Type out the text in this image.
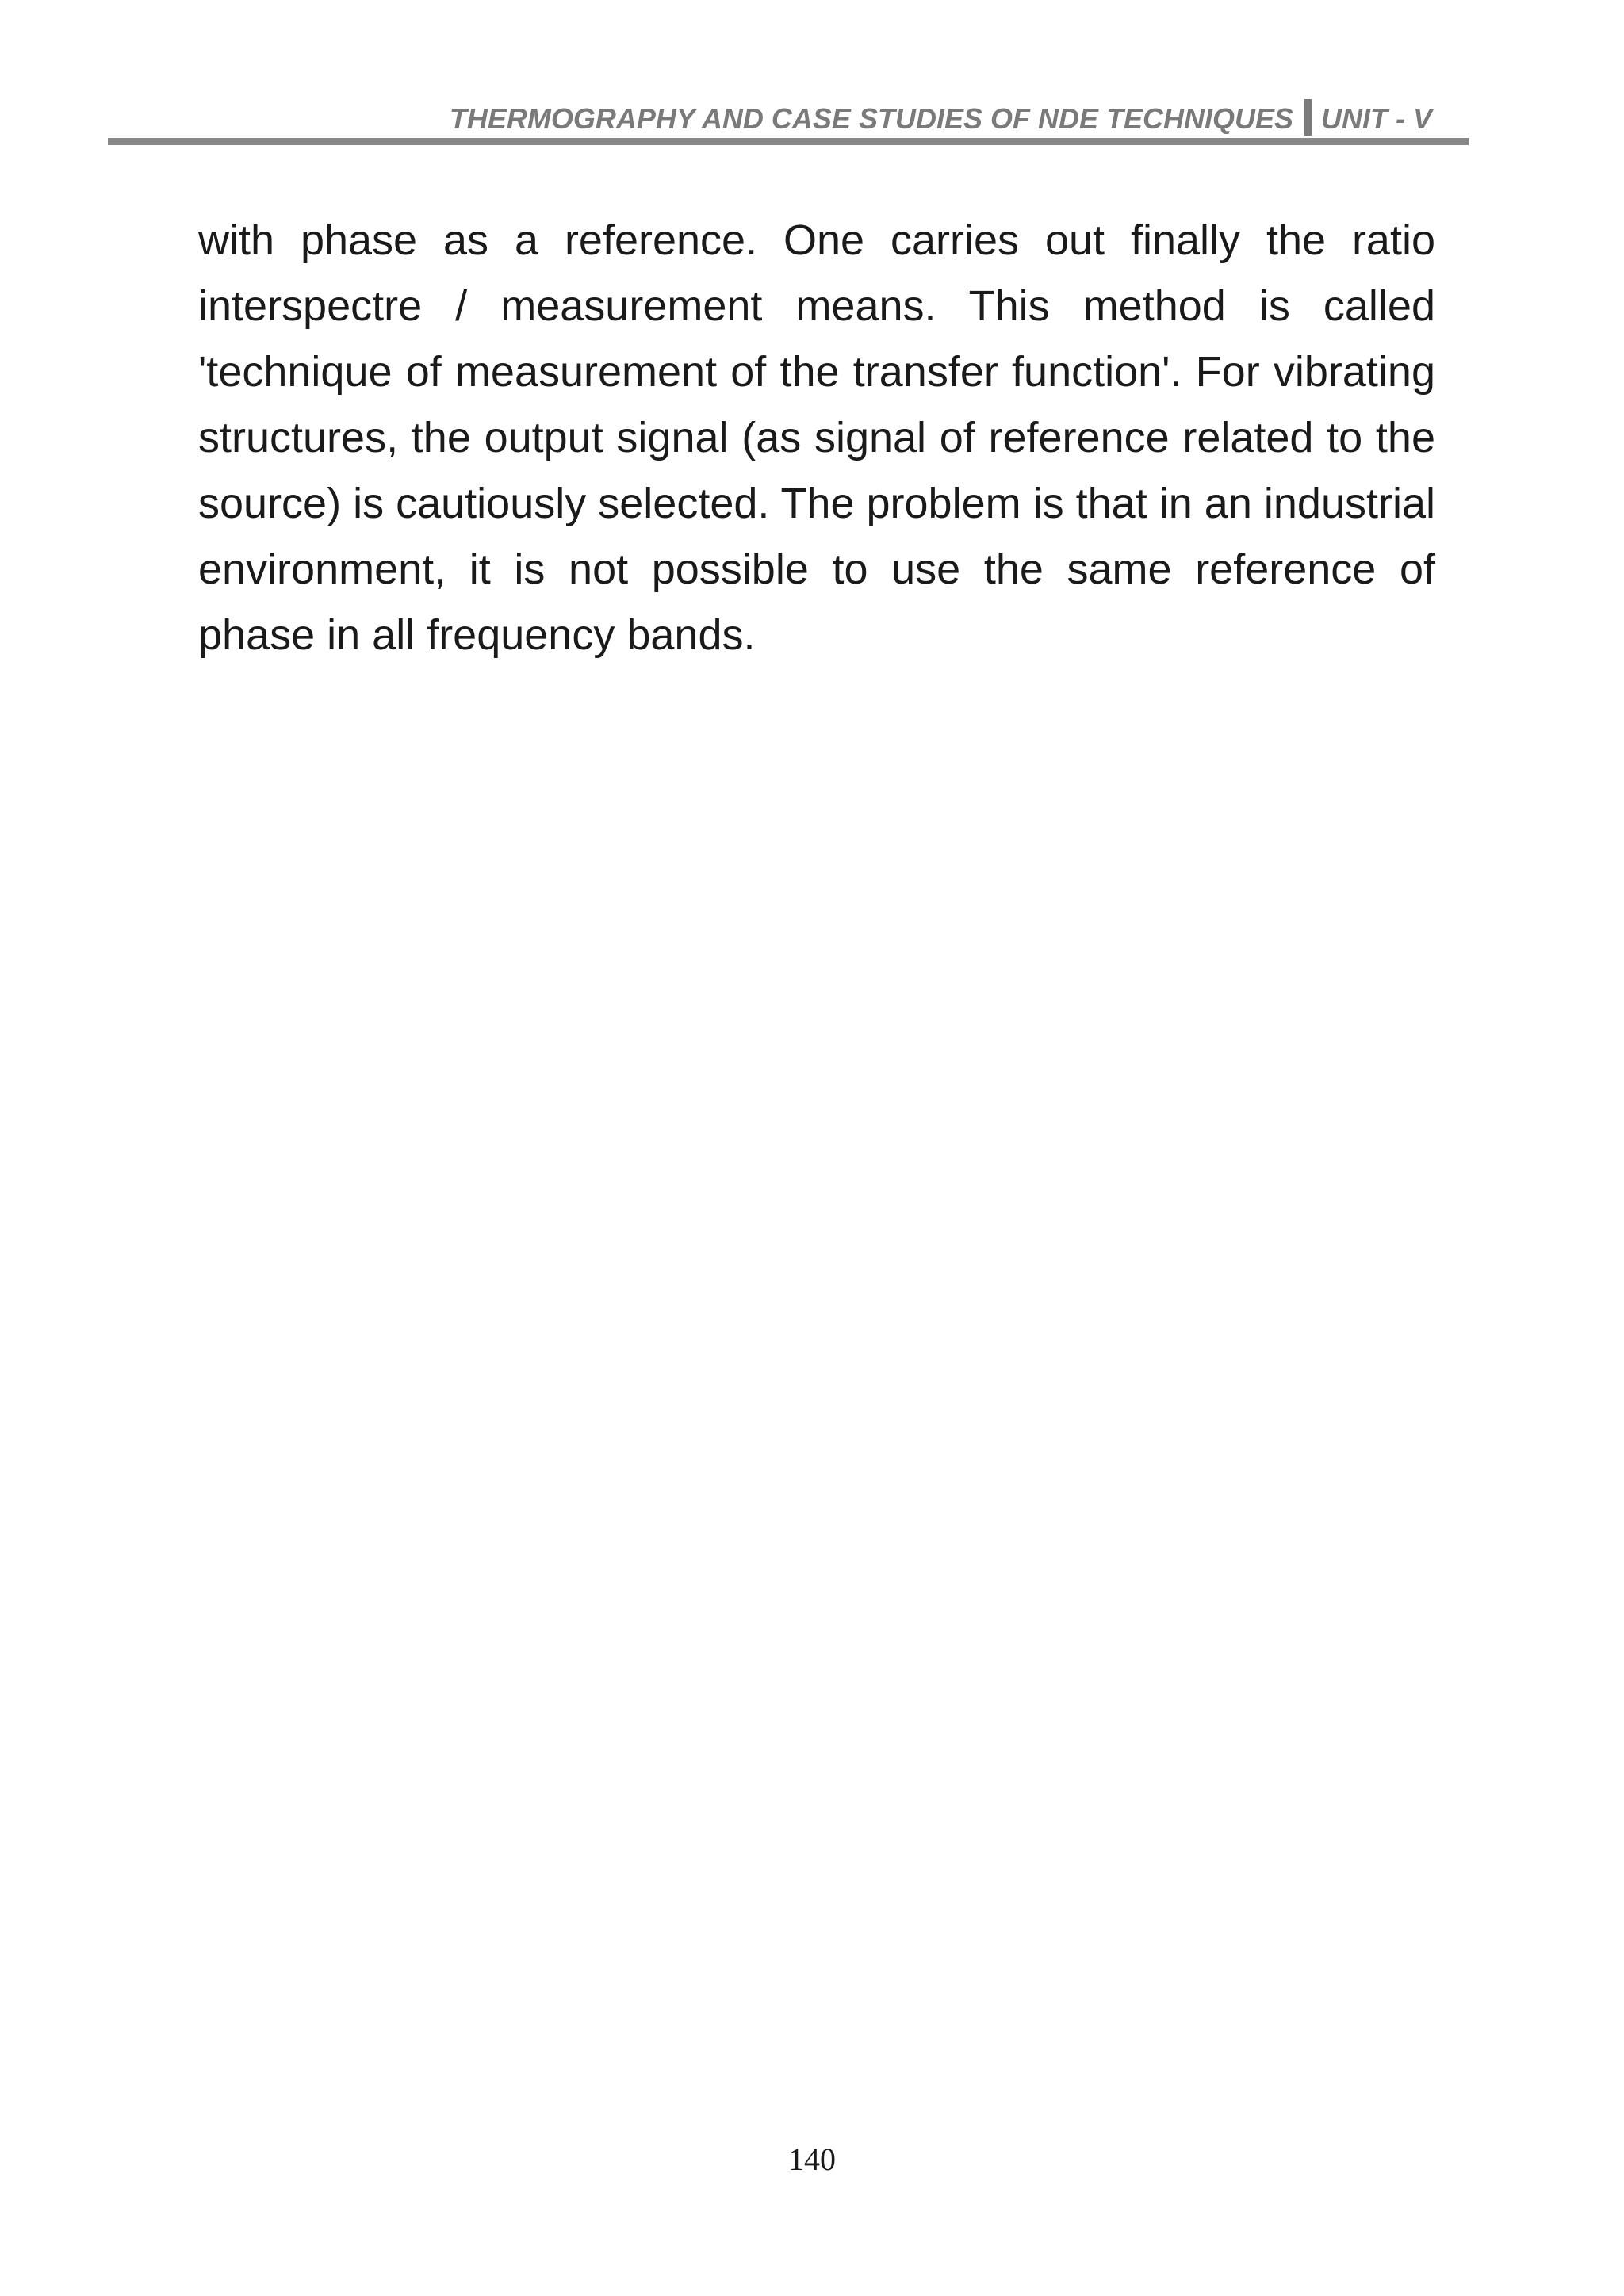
THERMOGRAPHY AND CASE STUDIES OF NDE TECHNIQUES UNIT - V

with phase as a reference. One carries out finally the ratio interspectre / measurement means. This method is called 'technique of measurement of the transfer function'. For vibrating structures, the output signal (as signal of reference related to the source) is cautiously selected. The problem is that in an industrial environment, it is not possible to use the same reference of phase in all frequency bands.

140
